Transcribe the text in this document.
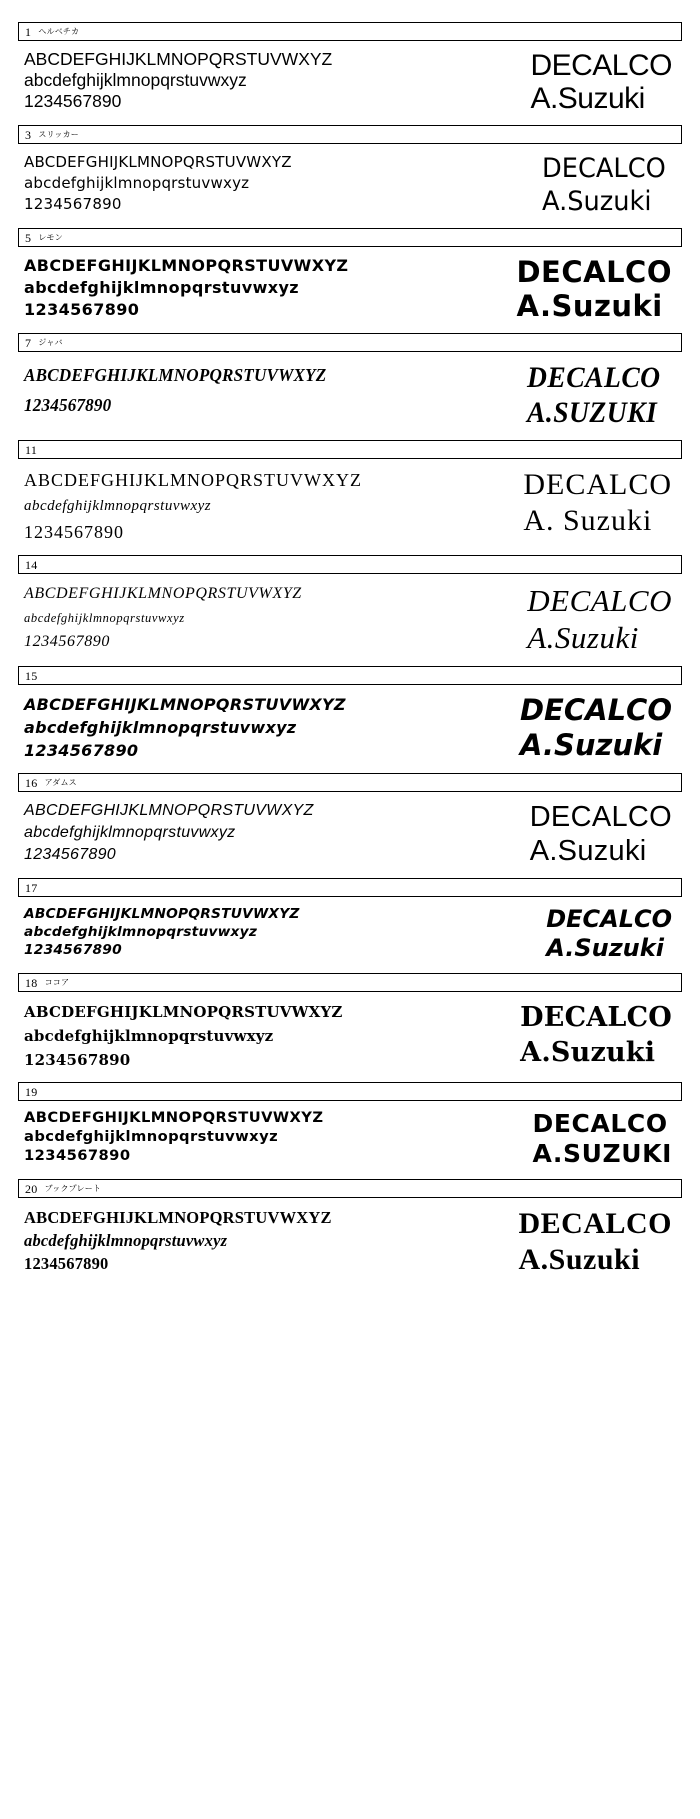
1 ヘルベチカ
ABCDEFGHIJKLMNOPQRSTUVWXYZ
abcdefghijklmnopqrstuvwxyz
1234567890
DECALCO
A.Suzuki
3 スリッカー
ABCDEFGHIJKLMNOPQRSTUVWXYZ
abcdefghijklmnopqrstuvwxyz
1234567890
DECALCO
A.Suzuki
5 レモン
ABCDEFGHIJKLMNOPQRSTUVWXYZ
abcdefghijklmnopqrstuvwxyz
1234567890
DECALCO
A.Suzuki
7 ジャバ
ABCDEFGHIJKLMNOPQRSTUVWXYZ
1234567890
DECALCO
A.SUZUKI
11
ABCDEFGHIJKLMNOPQRSTUVWXYZ
abcdefghijklmnopqrstuvwxyz
1234567890
DECALCO
A. Suzuki
14
ABCDEFGHIJKLMNOPQRSTUVWXYZ
abcdefghijklmnopqrstuvwxyz
1234567890
DECALCO
A.Suzuki
15
ABCDEFGHIJKLMNOPQRSTUVWXYZ
abcdefghijklmnopqrstuvwxyz
1234567890
DECALCO
A.Suzuki
16 アダムス
ABCDEFGHIJKLMNOPQRSTUVWXYZ
abcdefghijklmnopqrstuvwxyz
1234567890
DECALCO
A.Suzuki
17
ABCDEFGHIJKLMNOPQRSTUVWXYZ
abcdefghijklmnopqrstuvwxyz
1234567890
DECALCO
A.Suzuki
18 ココア
ABCDEFGHIJKLMNOPQRSTUVWXYZ
abcdefghijklmnopqrstuvwxyz
1234567890
DECALCO
A.Suzuki
19
ABCDEFGHIJKLMNOPQRSTUVWXYZ
abcdefghijklmnopqrstuvwxyz
1234567890
DECALCO
A.SUZUKI
20 ブックプレート
ABCDEFGHIJKLMNOPQRSTUVWXYZ
abcdefghijklmnopqrstuvwxyz
1234567890
DECALCO
A.Suzuki
